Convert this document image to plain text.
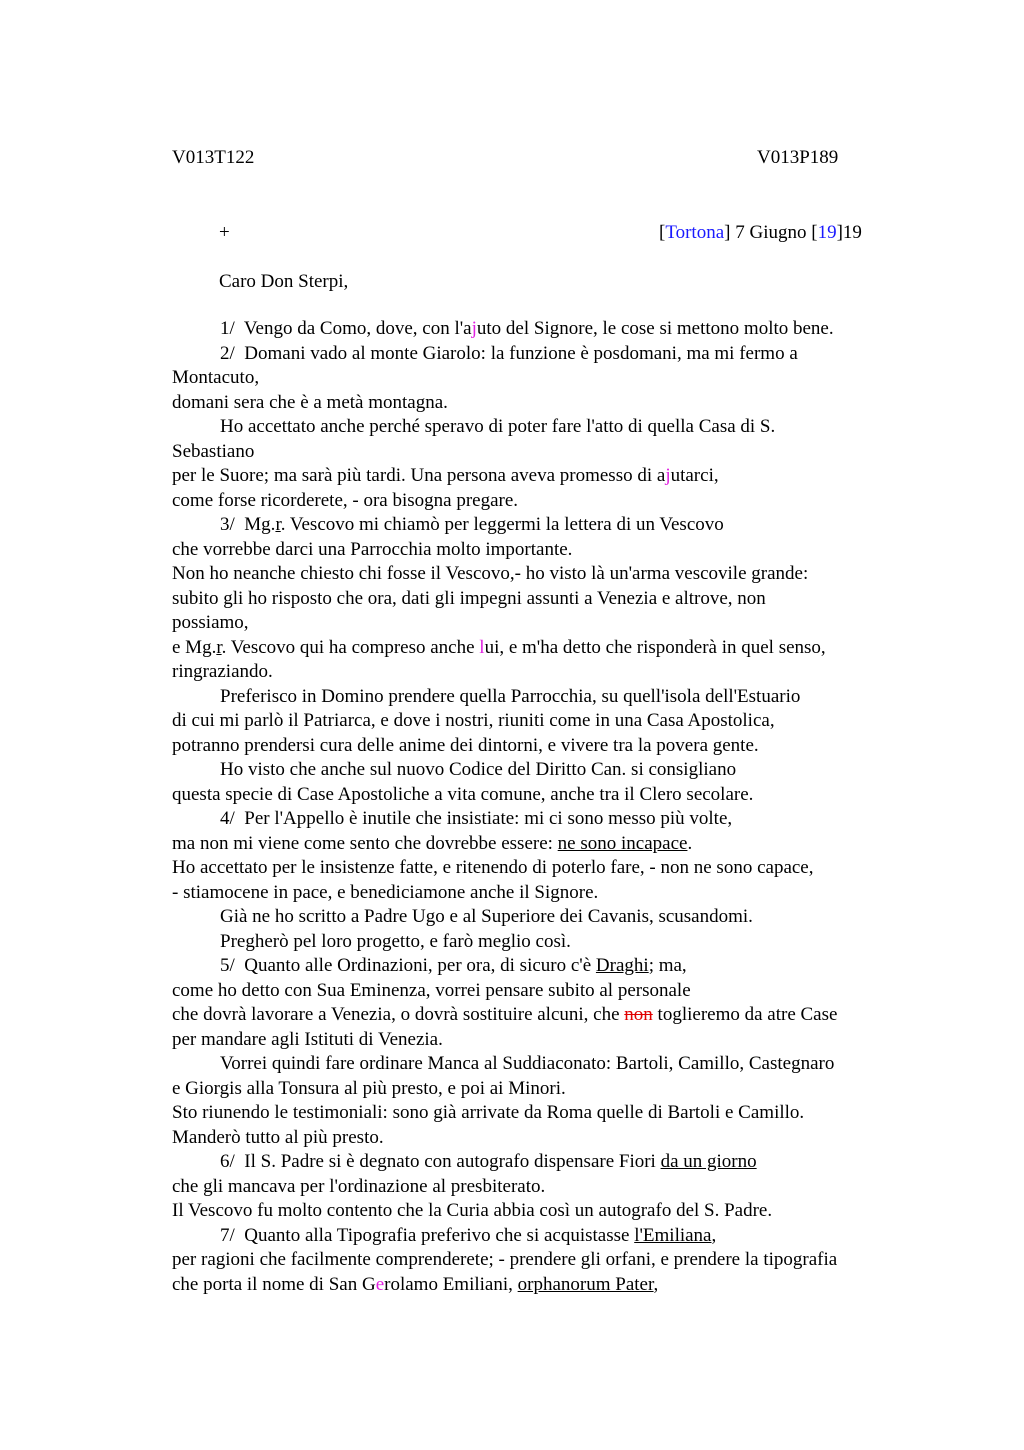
V013T122	V013P189
+	[Tortona] 7 Giugno [19]19
Caro Don Sterpi,
1/  Vengo da Como, dove, con l'ajuto del Signore, le cose si mettono molto bene.
2/  Domani vado al monte Giarolo: la funzione è posdomani, ma mi fermo a
Montacuto,
domani sera che è a metà montagna.
Ho accettato anche perché speravo di poter fare l'atto di quella Casa di S.
Sebastiano
per le Suore; ma sarà più tardi. Una persona aveva promesso di ajutarci,
come forse ricorderete, - ora bisogna pregare.
3/  Mg.r. Vescovo mi chiamò per leggermi la lettera di un Vescovo
che vorrebbe darci una Parrocchia molto importante.
Non ho neanche chiesto chi fosse il Vescovo,- ho visto là un'arma vescovile grande:
subito gli ho risposto che ora, dati gli impegni assunti a Venezia e altrove, non
possiamo,
e Mg.r. Vescovo qui ha compreso anche lui, e m'ha detto che risponderà in quel senso,
ringraziando.
Preferisco in Domino prendere quella Parrocchia, su quell'isola dell'Estuario
di cui mi parlò il Patriarca, e dove i nostri, riuniti come in una Casa Apostolica,
potranno prendersi cura delle anime dei dintorni, e vivere tra la povera gente.
Ho visto che anche sul nuovo Codice del Diritto Can. si consigliano
questa specie di Case Apostoliche a vita comune, anche tra il Clero secolare.
4/  Per l'Appello è inutile che insistiate: mi ci sono messo più volte,
ma non mi viene come sento che dovrebbe essere: ne sono incapace.
Ho accettato per le insistenze fatte, e ritenendo di poterlo fare, - non ne sono capace,
- stiamocene in pace, e benediciamone anche il Signore.
Già ne ho scritto a Padre Ugo e al Superiore dei Cavanis, scusandomi.
Pregherò pel loro progetto, e farò meglio così.
5/  Quanto alle Ordinazioni, per ora, di sicuro c'è Draghi; ma,
come ho detto con Sua Eminenza, vorrei pensare subito al personale
che dovrà lavorare a Venezia, o dovrà sostituire alcuni, che non toglieremo da atre Case
per mandare agli Istituti di Venezia.
Vorrei quindi fare ordinare Manca al Suddiaconato: Bartoli, Camillo, Castegnaro
e Giorgis alla Tonsura al più presto, e poi ai Minori.
Sto riunendo le testimoniali: sono già arrivate da Roma quelle di Bartoli e Camillo.
Manderò tutto al più presto.
6/  Il S. Padre si è degnato con autografo dispensare Fiori da un giorno
che gli mancava per l'ordinazione al presbiterato.
Il Vescovo fu molto contento che la Curia abbia così un autografo del S. Padre.
7/  Quanto alla Tipografia preferivo che si acquistasse l'Emiliana,
per ragioni che facilmente comprenderete; - prendere gli orfani, e prendere la tipografia
che porta il nome di San Gerolamo Emiliani, orphanorum Pater,
